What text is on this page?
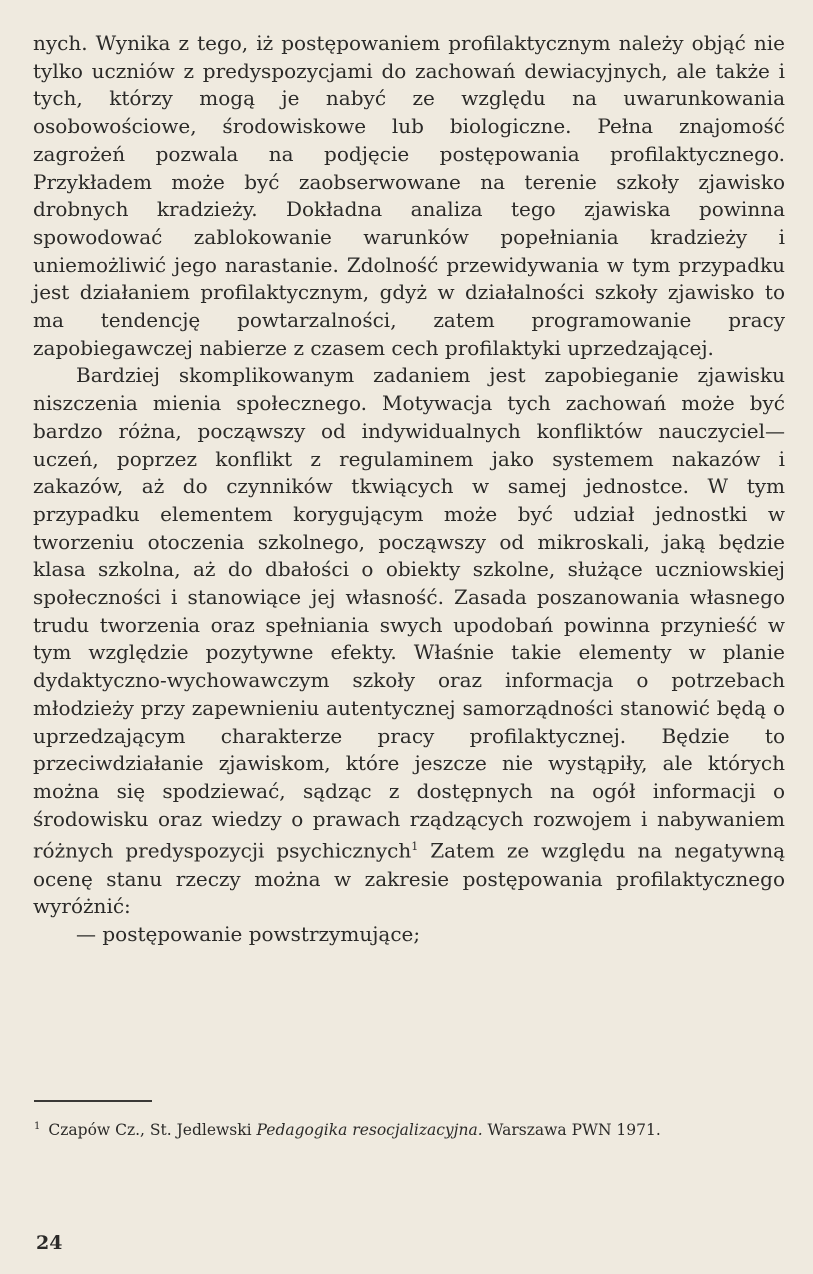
nych. Wynika z tego, iż postępowaniem profilaktycznym należy objąć nie tylko uczniów z predyspozycjami do zachowań dewiacyjnych, ale także i tych, którzy mogą je nabyć ze względu na uwarunkowania osobowościowe, środowiskowe lub biologiczne. Pełna znajomość zagrożeń pozwala na podjęcie postępowania profilaktycznego. Przykładem może być zaobserwowane na terenie szkoły zjawisko drobnych kradzieży. Dokładna analiza tego zjawiska powinna spowodować zablokowanie warunków popełniania kradzieży i uniemożliwić jego narastanie. Zdolność przewidywania w tym przypadku jest działaniem profilaktycznym, gdyż w działalności szkoły zjawisko to ma tendencję powtarzalności, zatem programowanie pracy zapobiegawczej nabierze z czasem cech profilaktyki uprzedzającej.

Bardziej skomplikowanym zadaniem jest zapobieganie zjawisku niszczenia mienia społecznego. Motywacja tych zachowań może być bardzo różna, począwszy od indywidualnych konfliktów nauczyciel—uczeń, poprzez konflikt z regulaminem jako systemem nakazów i zakazów, aż do czynników tkwiących w samej jednostce. W tym przypadku elementem korygującym może być udział jednostki w tworzeniu otoczenia szkolnego, począwszy od mikroskali, jaką będzie klasa szkolna, aż do dbałości o obiekty szkolne, służące uczniowskiej społeczności i stanowiące jej własność. Zasada poszanowania własnego trudu tworzenia oraz spełniania swych upodobań powinna przynieść w tym względzie pozytywne efekty. Właśnie takie elementy w planie dydaktyczno-wychowawczym szkoły oraz informacja o potrzebach młodzieży przy zapewnieniu autentycznej samorządności stanowić będą o uprzedzającym charakterze pracy profilaktycznej. Będzie to przeciwdziałanie zjawiskom, które jeszcze nie wystąpiły, ale których można się spodziewać, sądząc z dostępnych na ogół informacji o środowisku oraz wiedzy o prawach rządzących rozwojem i nabywaniem różnych predyspozycji psychicznych$^1$ Zatem ze względu na negatywną ocenę stanu rzeczy można w zakresie postępowania profilaktycznego wyróżnić:

— postępowanie powstrzymujące;

$^1$ Czapów Cz., St. Jedlewski Pedagogika resocjalizacyjna. Warszawa PWN 1971.
24
